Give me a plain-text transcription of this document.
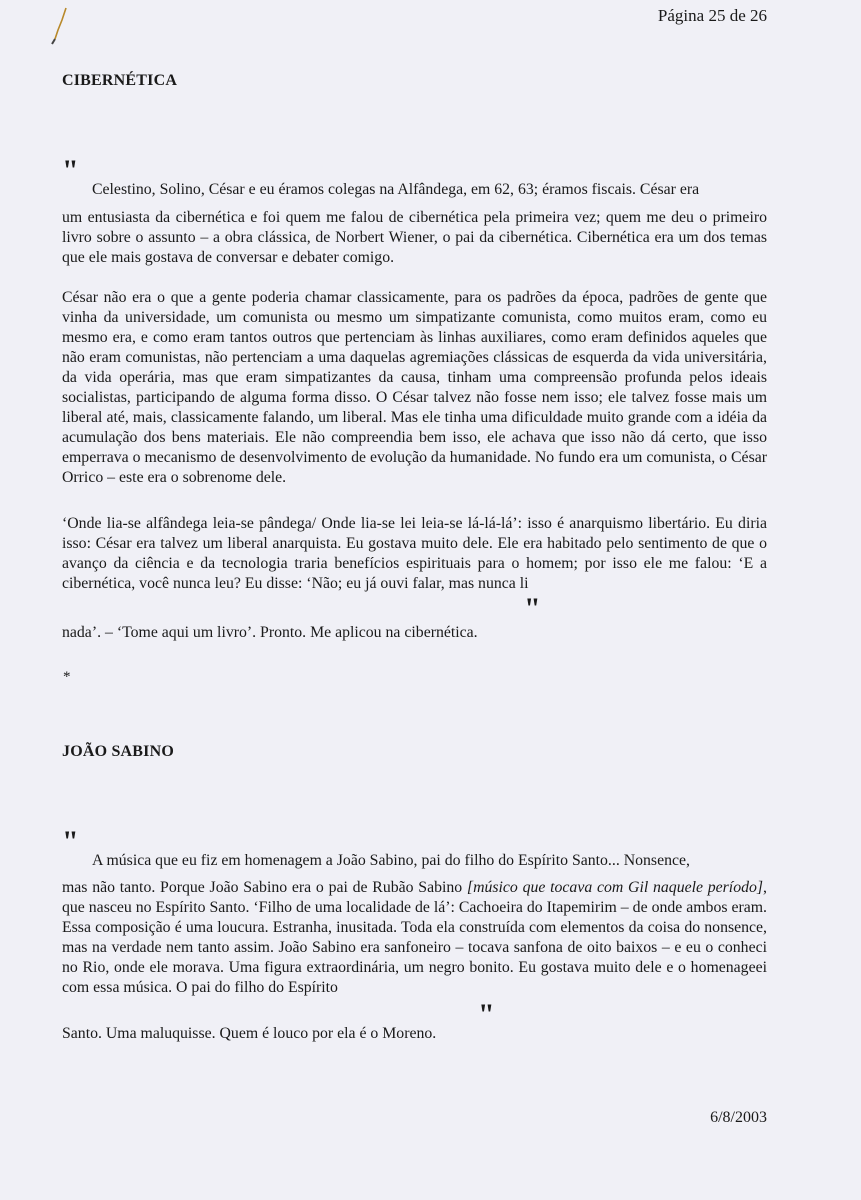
Página 25 de 26
CIBERNÉTICA
"
Celestino, Solino, César e eu éramos colegas na Alfândega, em 62, 63; éramos fiscais. César era
um entusiasta da cibernética e foi quem me falou de cibernética pela primeira vez; quem me deu o primeiro livro sobre o assunto – a obra clássica, de Norbert Wiener, o pai da cibernética. Cibernética era um dos temas que ele mais gostava de conversar e debater comigo.
César não era o que a gente poderia chamar classicamente, para os padrões da época, padrões de gente que vinha da universidade, um comunista ou mesmo um simpatizante comunista, como muitos eram, como eu mesmo era, e como eram tantos outros que pertenciam às linhas auxiliares, como eram definidos aqueles que não eram comunistas, não pertenciam a uma daquelas agremiações clássicas de esquerda da vida universitária, da vida operária, mas que eram simpatizantes da causa, tinham uma compreensão profunda pelos ideais socialistas, participando de alguma forma disso. O César talvez não fosse nem isso; ele talvez fosse mais um liberal até, mais, classicamente falando, um liberal. Mas ele tinha uma dificuldade muito grande com a idéia da acumulação dos bens materiais. Ele não compreendia bem isso, ele achava que isso não dá certo, que isso emperrava o mecanismo de desenvolvimento de evolução da humanidade. No fundo era um comunista, o César Orrico – este era o sobrenome dele.
‘Onde lia-se alfândega leia-se pândega/ Onde lia-se lei leia-se lá-lá-lá’: isso é anarquismo libertário. Eu diria isso: César era talvez um liberal anarquista. Eu gostava muito dele. Ele era habitado pelo sentimento de que o avanço da ciência e da tecnologia traria benefícios espirituais para o homem; por isso ele me falou: ‘E a cibernética, você nunca leu? Eu disse: ‘Não; eu já ouvi falar, mas nunca li
"
nada’. – ‘Tome aqui um livro’. Pronto. Me aplicou na cibernética.
*
JOÃO SABINO
"
A música que eu fiz em homenagem a João Sabino, pai do filho do Espírito Santo... Nonsence,
mas não tanto. Porque João Sabino era o pai de Rubão Sabino [músico que tocava com Gil naquele período], que nasceu no Espírito Santo. ‘Filho de uma localidade de lá’: Cachoeira do Itapemirim – de onde ambos eram. Essa composição é uma loucura. Estranha, inusitada. Toda ela construída com elementos da coisa do nonsence, mas na verdade nem tanto assim. João Sabino era sanfoneiro – tocava sanfona de oito baixos – e eu o conheci no Rio, onde ele morava. Uma figura extraordinária, um negro bonito. Eu gostava muito dele e o homenageei com essa música. O pai do filho do Espírito
"
Santo. Uma maluquisse. Quem é louco por ela é o Moreno.
6/8/2003
